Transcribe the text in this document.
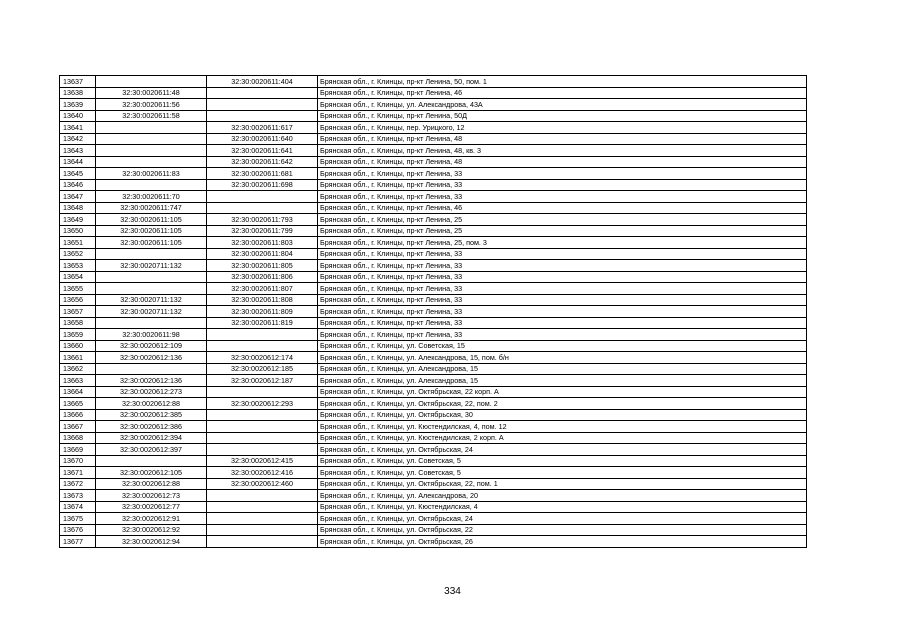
13637		32:30:0020611:404	Брянская обл., г. Клинцы, пр-кт Ленина, 50, пом. 1
13638	32:30:0020611:48		Брянская обл., г. Клинцы, пр-кт Ленина, 46
13639	32:30:0020611:56		Брянская обл., г. Клинцы, ул. Александрова, 43А
13640	32:30:0020611:58		Брянская обл., г. Клинцы, пр-кт Ленина, 50Д
13641		32:30:0020611:617	Брянская обл., г. Клинцы, пер. Урицкого, 12
13642		32:30:0020611:640	Брянская обл., г. Клинцы, пр-кт Ленина, 48
13643		32:30:0020611:641	Брянская обл., г. Клинцы, пр-кт Ленина, 48, кв. 3
13644		32:30:0020611:642	Брянская обл., г. Клинцы, пр-кт Ленина, 48
13645	32:30:0020611:83	32:30:0020611:681	Брянская обл., г. Клинцы, пр-кт Ленина, 33
13646		32:30:0020611:698	Брянская обл., г. Клинцы, пр-кт Ленина, 33
13647	32:30:0020611:70		Брянская обл., г. Клинцы, пр-кт Ленина, 33
13648	32:30:0020611:747		Брянская обл., г. Клинцы, пр-кт Ленина, 46
13649	32:30:0020611:105	32:30:0020611:793	Брянская обл., г. Клинцы, пр-кт Ленина, 25
13650	32:30:0020611:105	32:30:0020611:799	Брянская обл., г. Клинцы, пр-кт Ленина, 25
13651	32:30:0020611:105	32:30:0020611:803	Брянская обл., г. Клинцы, пр-кт Ленина, 25, пом. 3
13652		32:30:0020611:804	Брянская обл., г. Клинцы, пр-кт Ленина, 33
13653	32:30:0020711:132	32:30:0020611:805	Брянская обл., г. Клинцы, пр-кт Ленина, 33
13654		32:30:0020611:806	Брянская обл., г. Клинцы, пр-кт Ленина, 33
13655		32:30:0020611:807	Брянская обл., г. Клинцы, пр-кт Ленина, 33
13656	32:30:0020711:132	32:30:0020611:808	Брянская обл., г. Клинцы, пр-кт Ленина, 33
13657	32:30:0020711:132	32:30:0020611:809	Брянская обл., г. Клинцы, пр-кт Ленина, 33
13658		32:30:0020611:819	Брянская обл., г. Клинцы, пр-кт Ленина, 33
13659	32:30:0020611:98		Брянская обл., г. Клинцы, пр-кт Ленина, 33
13660	32:30:0020612:109		Брянская обл., г. Клинцы, ул. Советская, 15
13661	32:30:0020612:136	32:30:0020612:174	Брянская обл., г. Клинцы, ул. Александрова, 15, пом. б/н
13662		32:30:0020612:185	Брянская обл., г. Клинцы, ул. Александрова, 15
13663	32:30:0020612:136	32:30:0020612:187	Брянская обл., г. Клинцы, ул. Александрова, 15
13664	32:30:0020612:273		Брянская обл., г. Клинцы, ул. Октябрьская, 22 корп. А
13665	32:30:0020612:88	32:30:0020612:293	Брянская обл., г. Клинцы, ул. Октябрьская, 22, пом. 2
13666	32:30:0020612:385		Брянская обл., г. Клинцы, ул. Октябрьская, 30
13667	32:30:0020612:386		Брянская обл., г. Клинцы, ул. Кюстендилская, 4, пом. 12
13668	32:30:0020612:394		Брянская обл., г. Клинцы, ул. Кюстендилская, 2 корп. А
13669	32:30:0020612:397		Брянская обл., г. Клинцы, ул. Октябрьская, 24
13670		32:30:0020612:415	Брянская обл., г. Клинцы, ул. Советская, 5
13671	32:30:0020612:105	32:30:0020612:416	Брянская обл., г. Клинцы, ул. Советская, 5
13672	32:30:0020612:88	32:30:0020612:460	Брянская обл., г. Клинцы, ул. Октябрьская, 22, пом. 1
13673	32:30:0020612:73		Брянская обл., г. Клинцы, ул. Александрова, 20
13674	32:30:0020612:77		Брянская обл., г. Клинцы, ул. Кюстендилская, 4
13675	32:30:0020612:91		Брянская обл., г. Клинцы, ул. Октябрьская, 24
13676	32:30:0020612:92		Брянская обл., г. Клинцы, ул. Октябрьская, 22
13677	32:30:0020612:94		Брянская обл., г. Клинцы, ул. Октябрьская, 26
334
